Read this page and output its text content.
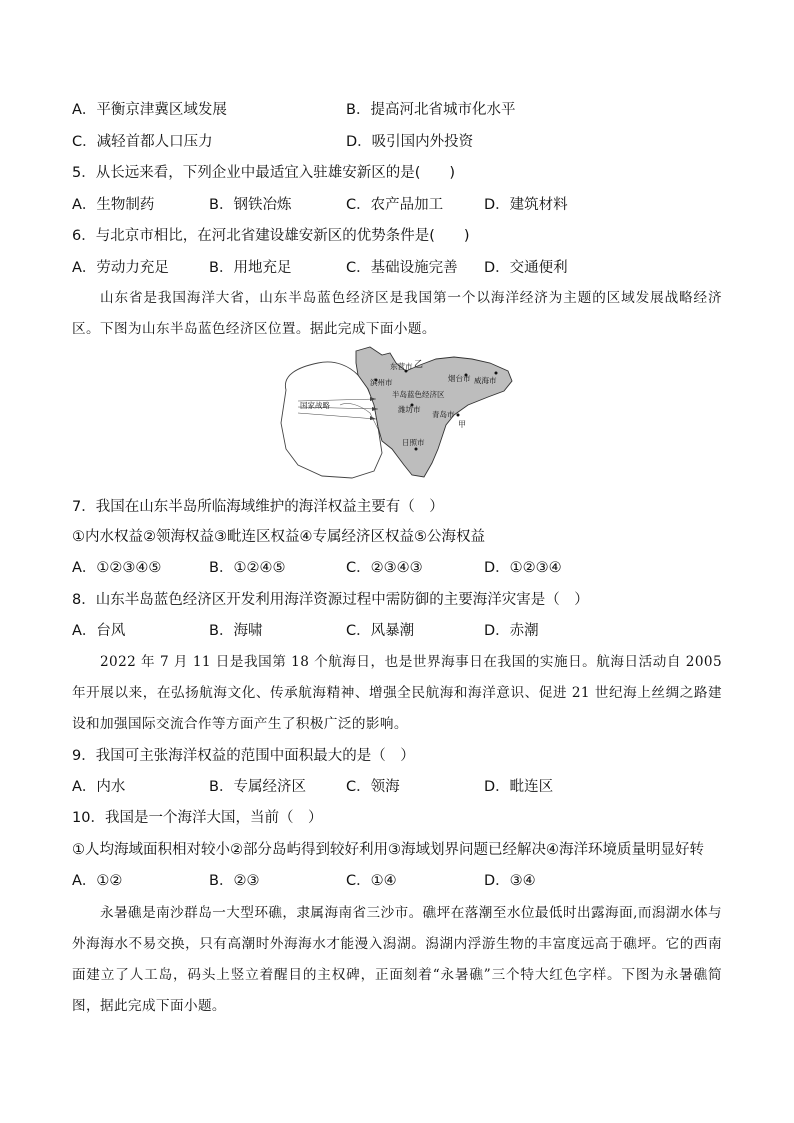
A．平衡京津冀区域发展	B．提高河北省城市化水平
C．减轻首都人口压力	D．吸引国内外投资
5．从长远来看，下列企业中最适宜入驻雄安新区的是(　　)
A．生物制药	B．钢铁冶炼	C．农产品加工	D．建筑材料
6．与北京市相比，在河北省建设雄安新区的优势条件是(　　)
A．劳动力充足	B．用地充足	C．基础设施完善 D．交通便利

山东省是我国海洋大省，山东半岛蓝色经济区是我国第一个以海洋经济为主题的区域发展战略经济区。下图为山东半岛蓝色经济区位置。据此完成下面小题。

东营市
滨州市
乙
烟台市 威海市
半岛蓝色经济区
潍坊市
青岛市
甲
日照市
国家战略
7．我国在山东半岛所临海域维护的海洋权益主要有（　）
①内水权益②领海权益③毗连区权益④专属经济区权益⑤公海权益
A．①②③④⑤	B．①②④⑤	C．②③④③	D．①②③④
8．山东半岛蓝色经济区开发利用海洋资源过程中需防御的主要海洋灾害是（　）
A．台风	B．海啸	C．风暴潮	D．赤潮

2022 年 7 月 11 日是我国第 18 个航海日，也是世界海事日在我国的实施日。航海日活动自 2005 年开展以来，在弘扬航海文化、传承航海精神、增强全民航海和海洋意识、促进 21 世纪海上丝绸之路建设和加强国际交流合作等方面产生了积极广泛的影响。

9．我国可主张海洋权益的范围中面积最大的是（　）
A．内水	B．专属经济区	C．领海	D．毗连区
10．我国是一个海洋大国，当前（　）
①人均海域面积相对较小②部分岛屿得到较好利用③海域划界问题已经解决④海洋环境质量明显好转
A．①②	B．②③	C．①④	D．③④

永暑礁是南沙群岛一大型环礁，隶属海南省三沙市。礁坪在落潮至水位最低时出露海面,而潟湖水体与外海海水不易交换，只有高潮时外海海水才能漫入潟湖。潟湖内浮游生物的丰富度远高于礁坪。它的西南面建立了人工岛，码头上竖立着醒目的主权碑，正面刻着“永暑礁”三个特大红色字样。下图为永暑礁简图，据此完成下面小题。
